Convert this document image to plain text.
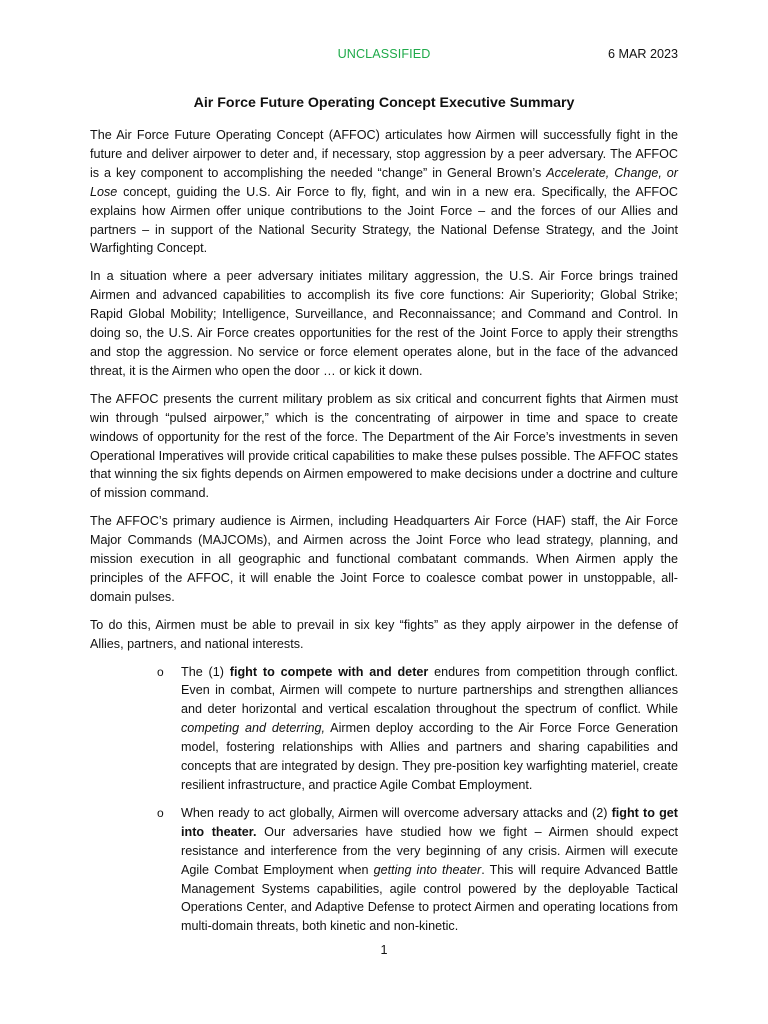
UNCLASSIFIED	6 MAR 2023
Air Force Future Operating Concept Executive Summary

The Air Force Future Operating Concept (AFFOC) articulates how Airmen will successfully fight in the future and deliver airpower to deter and, if necessary, stop aggression by a peer adversary. The AFFOC is a key component to accomplishing the needed “change” in General Brown’s Accelerate, Change, or Lose concept, guiding the U.S. Air Force to fly, fight, and win in a new era. Specifically, the AFFOC explains how Airmen offer unique contributions to the Joint Force – and the forces of our Allies and partners – in support of the National Security Strategy, the National Defense Strategy, and the Joint Warfighting Concept.

In a situation where a peer adversary initiates military aggression, the U.S. Air Force brings trained Airmen and advanced capabilities to accomplish its five core functions: Air Superiority; Global Strike; Rapid Global Mobility; Intelligence, Surveillance, and Reconnaissance; and Command and Control. In doing so, the U.S. Air Force creates opportunities for the rest of the Joint Force to apply their strengths and stop the aggression. No service or force element operates alone, but in the face of the advanced threat, it is the Airmen who open the door … or kick it down.

The AFFOC presents the current military problem as six critical and concurrent fights that Airmen must win through “pulsed airpower,” which is the concentrating of airpower in time and space to create windows of opportunity for the rest of the force. The Department of the Air Force’s investments in seven Operational Imperatives will provide critical capabilities to make these pulses possible. The AFFOC states that winning the six fights depends on Airmen empowered to make decisions under a doctrine and culture of mission command.

The AFFOC’s primary audience is Airmen, including Headquarters Air Force (HAF) staff, the Air Force Major Commands (MAJCOMs), and Airmen across the Joint Force who lead strategy, planning, and mission execution in all geographic and functional combatant commands. When Airmen apply the principles of the AFFOC, it will enable the Joint Force to coalesce combat power in unstoppable, all-domain pulses.

To do this, Airmen must be able to prevail in six key “fights” as they apply airpower in the defense of Allies, partners, and national interests.

o The (1) fight to compete with and deter endures from competition through conflict. Even in combat, Airmen will compete to nurture partnerships and strengthen alliances and deter horizontal and vertical escalation throughout the spectrum of conflict. While competing and deterring, Airmen deploy according to the Air Force Force Generation model, fostering relationships with Allies and partners and sharing capabilities and concepts that are integrated by design. They pre-position key warfighting materiel, create resilient infrastructure, and practice Agile Combat Employment.
o When ready to act globally, Airmen will overcome adversary attacks and (2) fight to get into theater. Our adversaries have studied how we fight – Airmen should expect resistance and interference from the very beginning of any crisis. Airmen will execute Agile Combat Employment when getting into theater. This will require Advanced Battle Management Systems capabilities, agile control powered by the deployable Tactical Operations Center, and Adaptive Defense to protect Airmen and operating locations from multi-domain threats, both kinetic and non-kinetic.
1
